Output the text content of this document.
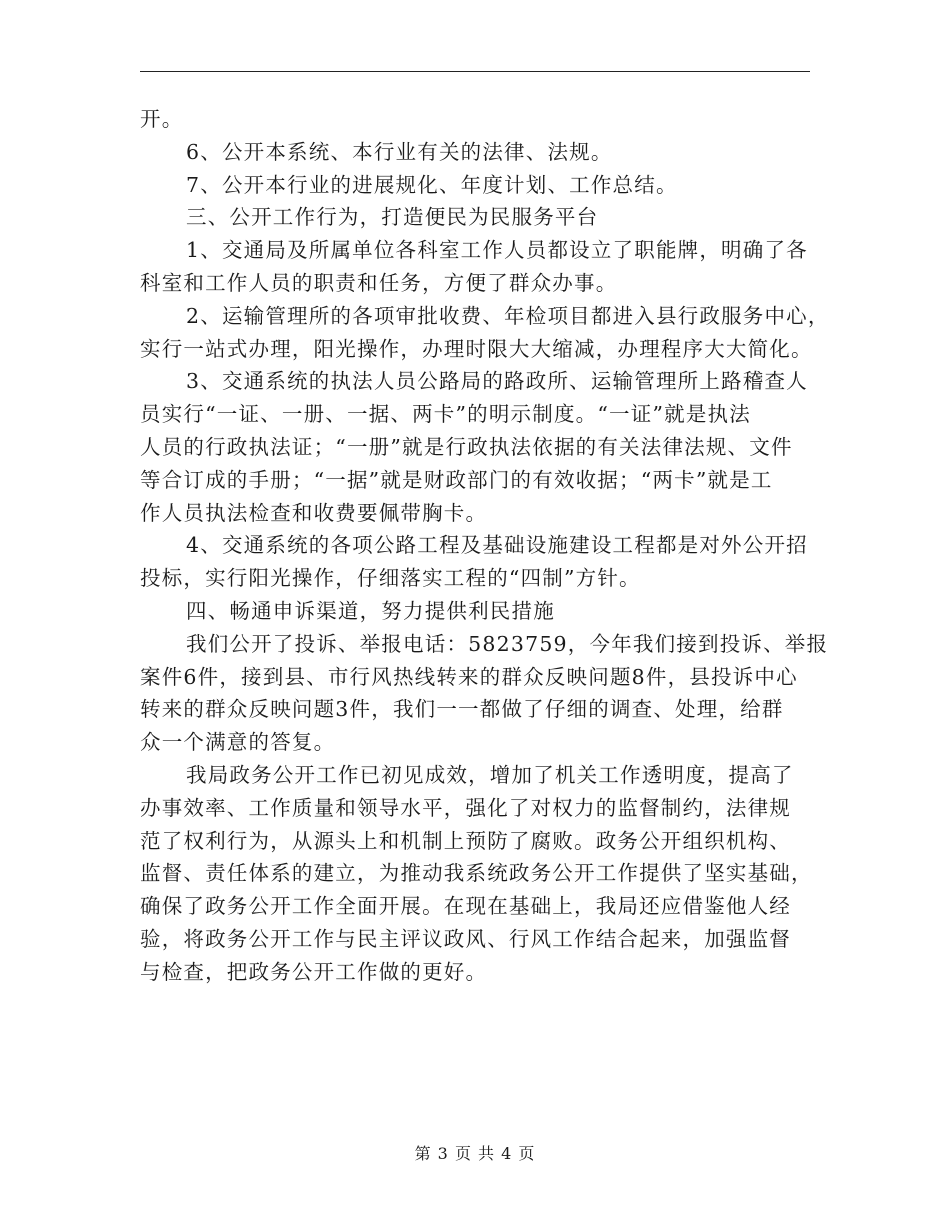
开。
6、公开本系统、本行业有关的法律、法规。
7、公开本行业的进展规化、年度计划、工作总结。
三、公开工作行为，打造便民为民服务平台
1、交通局及所属单位各科室工作人员都设立了职能牌，明确了各
科室和工作人员的职责和任务，方便了群众办事。
2、运输管理所的各项审批收费、年检项目都进入县行政服务中心，
实行一站式办理，阳光操作，办理时限大大缩减，办理程序大大简化。
3、交通系统的执法人员公路局的路政所、运输管理所上路稽查人
员实行“一证、一册、一据、两卡”的明示制度。“一证”就是执法
人员的行政执法证；“一册”就是行政执法依据的有关法律法规、文件
等合订成的手册；“一据”就是财政部门的有效收据；“两卡”就是工
作人员执法检查和收费要佩带胸卡。
4、交通系统的各项公路工程及基础设施建设工程都是对外公开招
投标，实行阳光操作，仔细落实工程的“四制”方针。
四、畅通申诉渠道，努力提供利民措施
我们公开了投诉、举报电话：5823759，今年我们接到投诉、举报
案件6件，接到县、市行风热线转来的群众反映问题8件，县投诉中心
转来的群众反映问题3件，我们一一都做了仔细的调查、处理，给群
众一个满意的答复。
我局政务公开工作已初见成效，增加了机关工作透明度，提高了
办事效率、工作质量和领导水平，强化了对权力的监督制约，法律规
范了权利行为，从源头上和机制上预防了腐败。政务公开组织机构、
监督、责任体系的建立，为推动我系统政务公开工作提供了坚实基础，
确保了政务公开工作全面开展。在现在基础上，我局还应借鉴他人经
验，将政务公开工作与民主评议政风、行风工作结合起来，加强监督
与检查，把政务公开工作做的更好。
第 3 页 共 4 页
